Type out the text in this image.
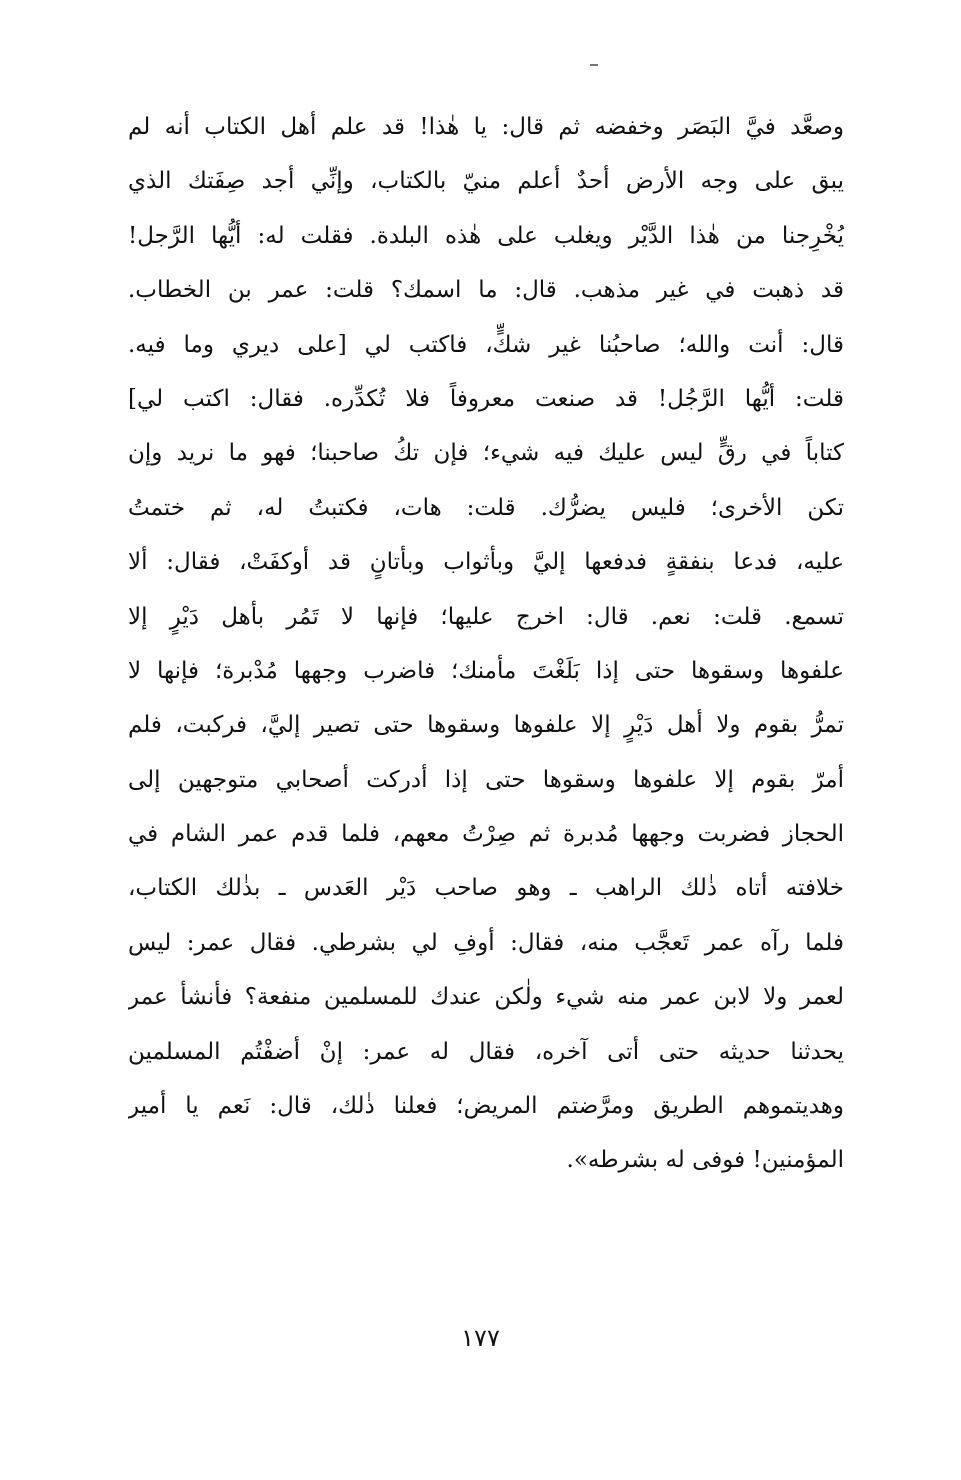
وصعَّد فيَّ البَصَر وخفضه ثم قال: يا هٰذا! قد علم أهل الكتاب أنه لم
يبق على وجه الأرض أحدٌ أعلم منيّ بالكتاب، وإنِّي أجد صِفَتك الذي
يُخْرِجنا من هٰذا الدَّيْر ويغلب على هٰذه البلدة. فقلت له: أيُّها الرَّجل!
قد ذهبت في غير مذهب. قال: ما اسمك؟ قلت: عمر بن الخطاب.
قال: أنت والله؛ صاحبُنا غير شكٍّ، فاكتب لي [على ديري وما فيه.
قلت: أيُّها الرَّجُل! قد صنعت معروفاً فلا تُكدِّره. فقال: اكتب لي]
كتاباً في رقٍّ ليس عليك فيه شيء؛ فإن تكُ صاحبنا؛ فهو ما نريد وإن
تكن الأخرى؛ فليس يضرُّك. قلت: هات، فكتبتُ له، ثم ختمتُ
عليه، فدعا بنفقةٍ فدفعها إليَّ وبأثواب وبأتانٍ قد أوكفَتْ، فقال: ألا
تسمع. قلت: نعم. قال: اخرج عليها؛ فإنها لا تَمُر بأهل دَيْرٍ إلا
علفوها وسقوها حتى إذا بَلَغْتَ مأمنك؛ فاضرب وجهها مُدْبرة؛ فإنها لا
تمرُّ بقوم ولا أهل دَيْرٍ إلا علفوها وسقوها حتى تصير إليَّ، فركبت، فلم
أمرّ بقوم إلا علفوها وسقوها حتى إذا أدركت أصحابي متوجهين إلى
الحجاز فضربت وجهها مُدبرة ثم صِرْتُ معهم، فلما قدم عمر الشام في
خلافته أتاه ذٰلك الراهب ـ وهو صاحب دَيْر العَدس ـ بذٰلك الكتاب،
فلما رآه عمر تَعجَّب منه، فقال: أوفِ لي بشرطي. فقال عمر: ليس
لعمر ولا لابن عمر منه شيء ولٰكن عندك للمسلمين منفعة؟ فأنشأ عمر
يحدثنا حديثه حتى أتى آخره، فقال له عمر: إنْ أضفْتُم المسلمين
وهديتموهم الطريق ومرَّضتم المريض؛ فعلنا ذٰلك، قال: نَعم يا أمير
المؤمنين! فوفى له بشرطه».
١٧٧
